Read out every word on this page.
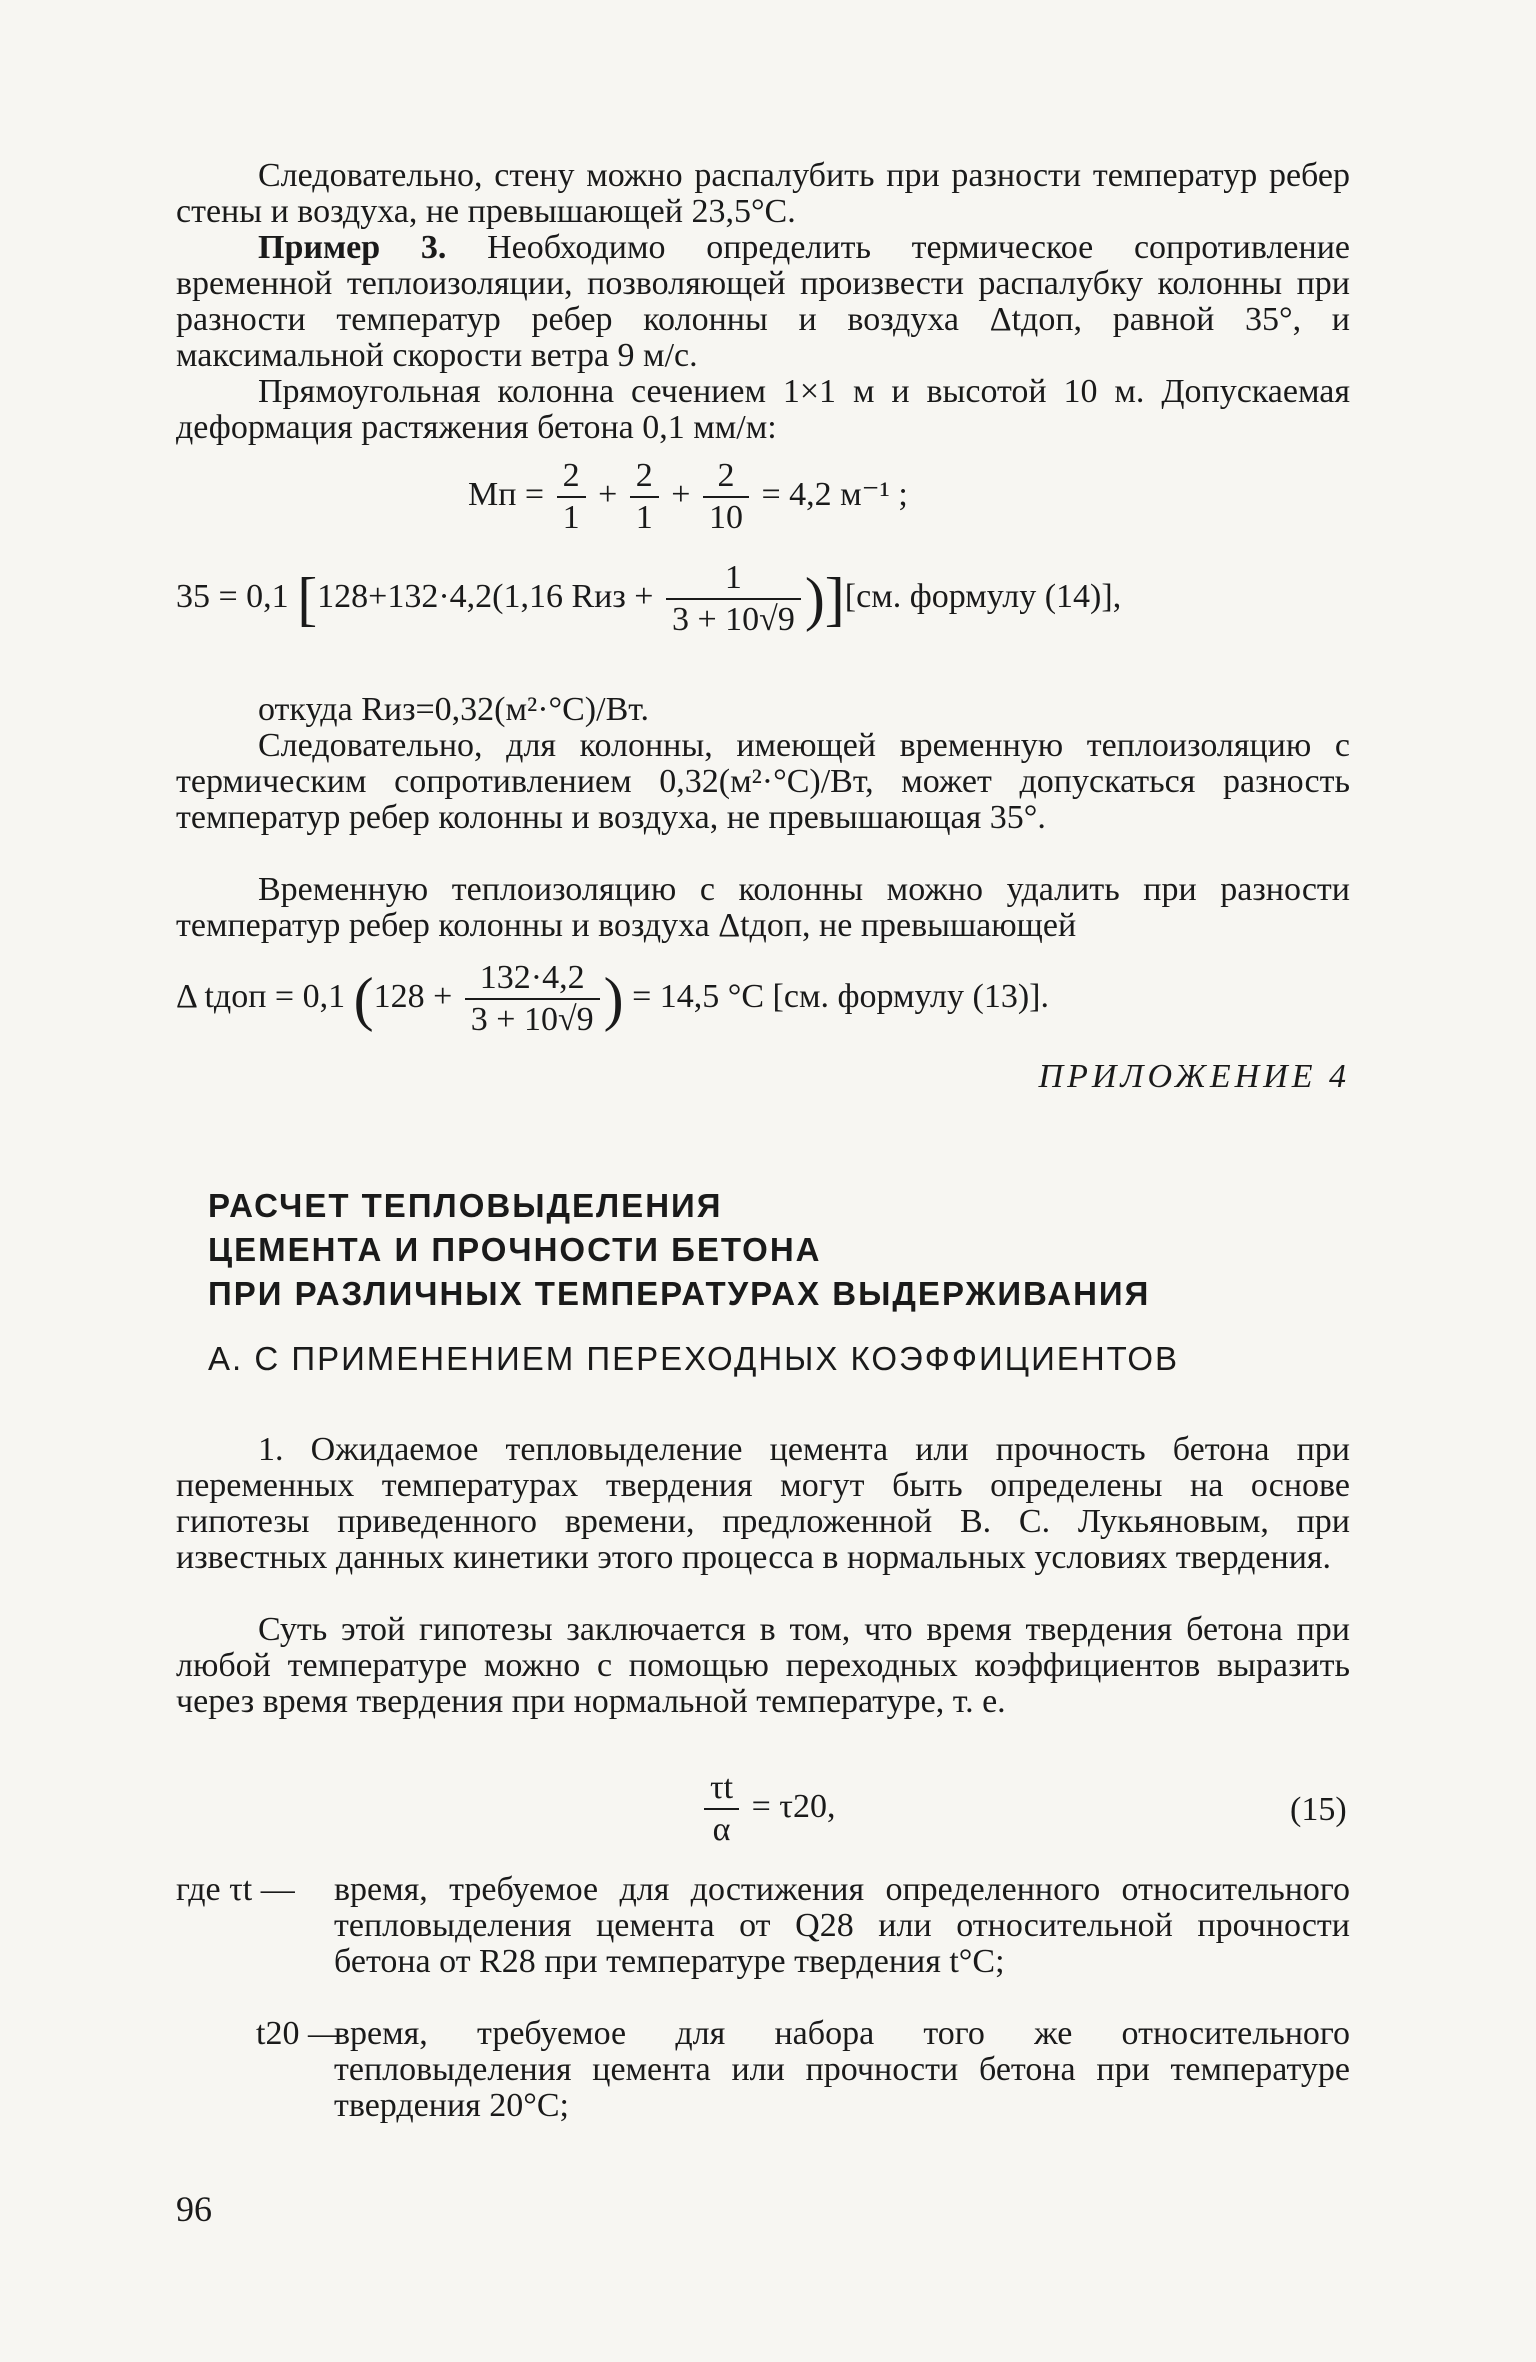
Следовательно, стену можно распалубить при разности температур ребер стены и воздуха, не превышающей 23,5°С.

Пример 3. Необходимо определить термическое сопротивление временной теплоизоляции, позволяющей произвести распалубку колонны при разности температур ребер колонны и воздуха Δtдоп, равной 35°, и максимальной скорости ветра 9 м/с.

Прямоугольная колонна сечением 1×1 м и высотой 10 м. Допускаемая деформация растяжения бетона 0,1 мм/м:

Mп = $\frac{2}{1} + \frac{2}{1} + \frac{2}{10} = 4,2$ м⁻¹ ;
35 = 0,1 [128+132·4,2(1,16 Rиз + $\frac{1}{3 + 10√9} )][см$. формулу (14)],

откуда Rиз=0,32(м²·°С)/Вт.

Следовательно, для колонны, имеющей временную теплоизоляцию с термическим сопротивлением 0,32(м²·°С)/Вт, может допускаться разность температур ребер колонны и воздуха, не превышающая 35°.

Временную теплоизоляцию с колонны можно удалить при разности температур ребер колонны и воздуха Δtдоп, не превышающей

Δ tдоп = 0,1 ($128 + \frac{132\cdot 4,2}{3 + 10√9}$ ) = 14,5 °С [см. формулу (13)].
ПРИЛОЖЕНИЕ 4
РАСЧЕТ ТЕПЛОВЫДЕЛЕНИЯ
ЦЕМЕНТА И ПРОЧНОСТИ БЕТОНА
ПРИ РАЗЛИЧНЫХ ТЕМПЕРАТУРАХ ВЫДЕРЖИВАНИЯ
А. С ПРИМЕНЕНИЕМ ПЕРЕХОДНЫХ КОЭФФИЦИЕНТОВ

1. Ожидаемое тепловыделение цемента или прочность бетона при переменных температурах твердения могут быть определены на основе гипотезы приведенного времени, предложенной В. С. Лукьяновым, при известных данных кинетики этого процесса в нормальных условиях твердения.

Суть этой гипотезы заключается в том, что время твердения бетона при любой температуре можно с помощью переходных коэффициентов выразить через время твердения при нормальной температуре, т. е.

$\frac{\tau t}{\alpha} = \tau 20$,	(15)
где τt — время, требуемое для достижения определенного относительного тепловыделения цемента от Q28 или относительной прочности бетона от R28 при температуре твердения t°С;
t20 —
время, требуемое для набора того же относительного тепловыделения цемента или прочности бетона при температуре твердения 20°С;
96
